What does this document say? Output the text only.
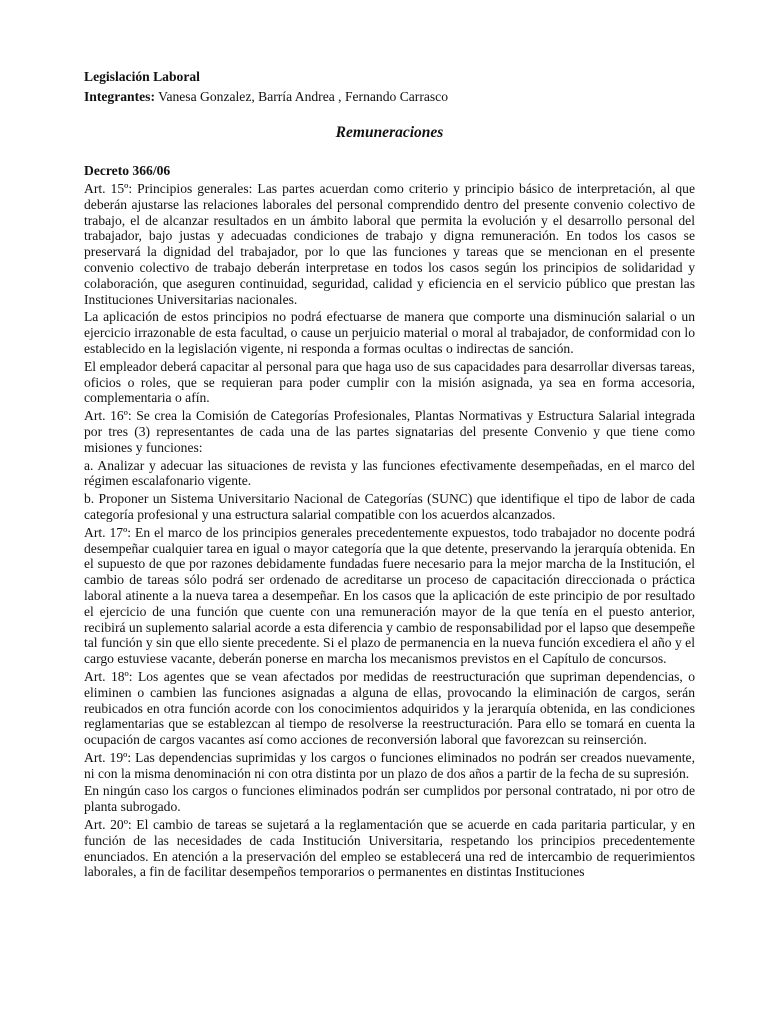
Legislación Laboral

Integrantes: Vanesa Gonzalez, Barría Andrea , Fernando Carrasco

Remuneraciones

Decreto 366/06

Art. 15º: Principios generales: Las partes acuerdan como criterio y principio básico de interpretación, al que deberán ajustarse las relaciones laborales del personal comprendido dentro del presente convenio colectivo de trabajo, el de alcanzar resultados en un ámbito laboral que permita la evolución y el desarrollo personal del trabajador, bajo justas y adecuadas condiciones de trabajo y digna remuneración. En todos los casos se preservará la dignidad del trabajador, por lo que las funciones y tareas que se mencionan en el presente convenio colectivo de trabajo deberán interpretase en todos los casos según los principios de solidaridad y colaboración, que aseguren continuidad, seguridad, calidad y eficiencia en el servicio público que prestan las Instituciones Universitarias nacionales.

La aplicación de estos principios no podrá efectuarse de manera que comporte una disminución salarial o un ejercicio irrazonable de esta facultad, o cause un perjuicio material o moral al trabajador, de conformidad con lo establecido en la legislación vigente, ni responda a formas ocultas o indirectas de sanción.

El empleador deberá capacitar al personal para que haga uso de sus capacidades para desarrollar diversas tareas, oficios o roles, que se requieran para poder cumplir con la misión asignada, ya sea en forma accesoria, complementaria o afín.

Art. 16º: Se crea la Comisión de Categorías Profesionales, Plantas Normativas y Estructura Salarial integrada por tres (3) representantes de cada una de las partes signatarias del presente Convenio y que tiene como misiones y funciones:

a. Analizar y adecuar las situaciones de revista y las funciones efectivamente desempeñadas, en el marco del régimen escalafonario vigente.

b. Proponer un Sistema Universitario Nacional de Categorías (SUNC) que identifique el tipo de labor de cada categoría profesional y una estructura salarial compatible con los acuerdos alcanzados.

Art. 17º: En el marco de los principios generales precedentemente expuestos, todo trabajador no docente podrá desempeñar cualquier tarea en igual o mayor categoría que la que detente, preservando la jerarquía obtenida. En el supuesto de que por razones debidamente fundadas fuere necesario para la mejor marcha de la Institución, el cambio de tareas sólo podrá ser ordenado de acreditarse un proceso de capacitación direccionada o práctica laboral atinente a la nueva tarea a desempeñar. En los casos que la aplicación de este principio de por resultado el ejercicio de una función que cuente con una remuneración mayor de la que tenía en el puesto anterior, recibirá un suplemento salarial acorde a esta diferencia y cambio de responsabilidad por el lapso que desempeñe tal función y sin que ello siente precedente. Si el plazo de permanencia en la nueva función excediera el año y el cargo estuviese vacante, deberán ponerse en marcha los mecanismos previstos en el Capítulo de concursos.

Art. 18º: Los agentes que se vean afectados por medidas de reestructuración que supriman dependencias, o eliminen o cambien las funciones asignadas a alguna de ellas, provocando la eliminación de cargos, serán reubicados en otra función acorde con los conocimientos adquiridos y la jerarquía obtenida, en las condiciones reglamentarias que se establezcan al tiempo de resolverse la reestructuración. Para ello se tomará en cuenta la ocupación de cargos vacantes así como acciones de reconversión laboral que favorezcan su reinserción.

Art. 19º: Las dependencias suprimidas y los cargos o funciones eliminados no podrán ser creados nuevamente, ni con la misma denominación ni con otra distinta por un plazo de dos años a partir de la fecha de su supresión.

En ningún caso los cargos o funciones eliminados podrán ser cumplidos por personal contratado, ni por otro de planta subrogado.

Art. 20º: El cambio de tareas se sujetará a la reglamentación que se acuerde en cada paritaria particular, y en función de las necesidades de cada Institución Universitaria, respetando los principios precedentemente enunciados. En atención a la preservación del empleo se establecerá una red de intercambio de requerimientos laborales, a fin de facilitar desempeños temporarios o permanentes en distintas Instituciones
